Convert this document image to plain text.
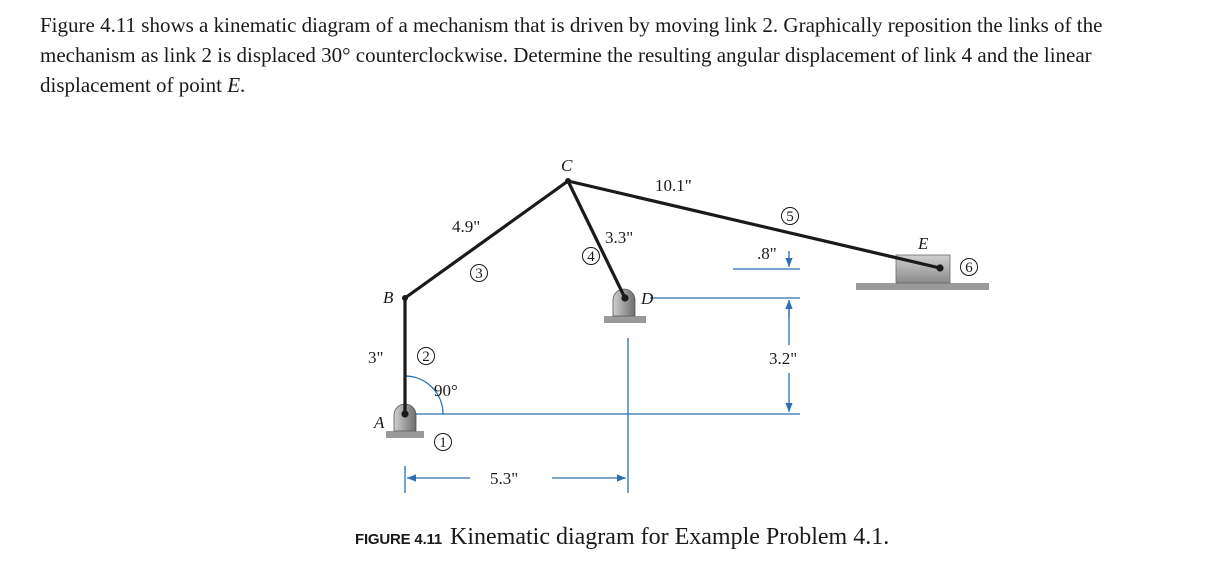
Figure 4.11 shows a kinematic diagram of a mechanism that is driven by moving link 2. Graphically reposition the links of the mechanism as link 2 is displaced 30° counterclockwise. Determine the resulting angular displacement of link 4 and the linear displacement of point E.

A
B
C
D
E
1
2
3
4
5
6
3"
4.9"
3.3"
10.1"
5.3"
3.2"
.8"
90°
FIGURE 4.11 Kinematic diagram for Example Problem 4.1.
